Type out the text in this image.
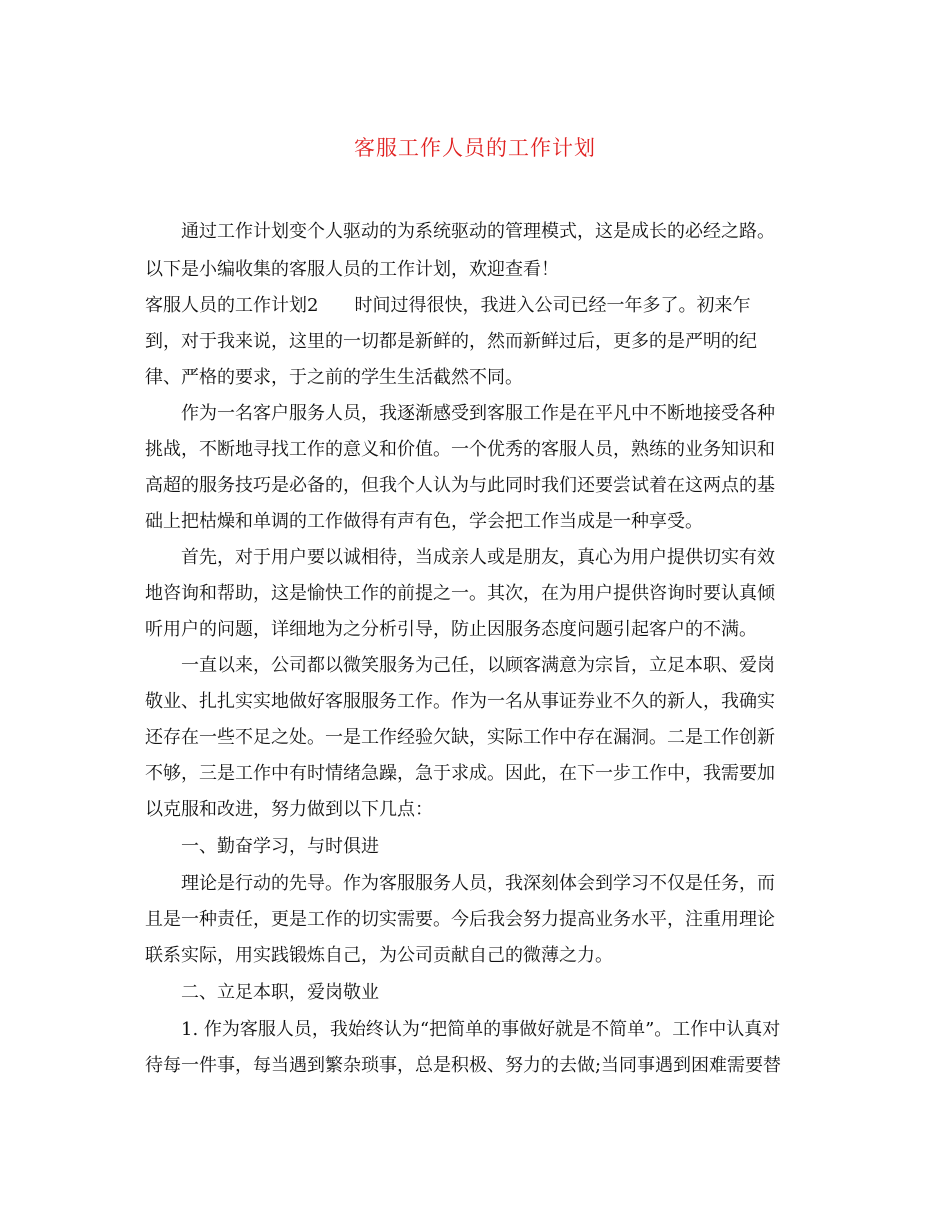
客服工作人员的工作计划
通过工作计划变个人驱动的为系统驱动的管理模式，这是成长的必经之路。
以下是小编收集的客服人员的工作计划，欢迎查看！
客服人员的工作计划2　　时间过得很快，我进入公司已经一年多了。初来乍
到，对于我来说，这里的一切都是新鲜的，然而新鲜过后，更多的是严明的纪
律、严格的要求，于之前的学生生活截然不同。
作为一名客户服务人员，我逐渐感受到客服工作是在平凡中不断地接受各种
挑战，不断地寻找工作的意义和价值。一个优秀的客服人员，熟练的业务知识和
高超的服务技巧是必备的，但我个人认为与此同时我们还要尝试着在这两点的基
础上把枯燥和单调的工作做得有声有色，学会把工作当成是一种享受。
首先，对于用户要以诚相待，当成亲人或是朋友，真心为用户提供切实有效
地咨询和帮助，这是愉快工作的前提之一。其次，在为用户提供咨询时要认真倾
听用户的问题，详细地为之分析引导，防止因服务态度问题引起客户的不满。
一直以来，公司都以微笑服务为己任，以顾客满意为宗旨，立足本职、爱岗
敬业、扎扎实实地做好客服服务工作。作为一名从事证券业不久的新人，我确实
还存在一些不足之处。一是工作经验欠缺，实际工作中存在漏洞。二是工作创新
不够，三是工作中有时情绪急躁，急于求成。因此，在下一步工作中，我需要加
以克服和改进，努力做到以下几点：
一、勤奋学习，与时俱进
理论是行动的先导。作为客服服务人员，我深刻体会到学习不仅是任务，而
且是一种责任，更是工作的切实需要。今后我会努力提高业务水平，注重用理论
联系实际，用实践锻炼自己，为公司贡献自己的微薄之力。
二、立足本职，爱岗敬业
1. 作为客服人员，我始终认为“把简单的事做好就是不简单”。工作中认真对
待每一件事，每当遇到繁杂琐事，总是积极、努力的去做;当同事遇到困难需要替
